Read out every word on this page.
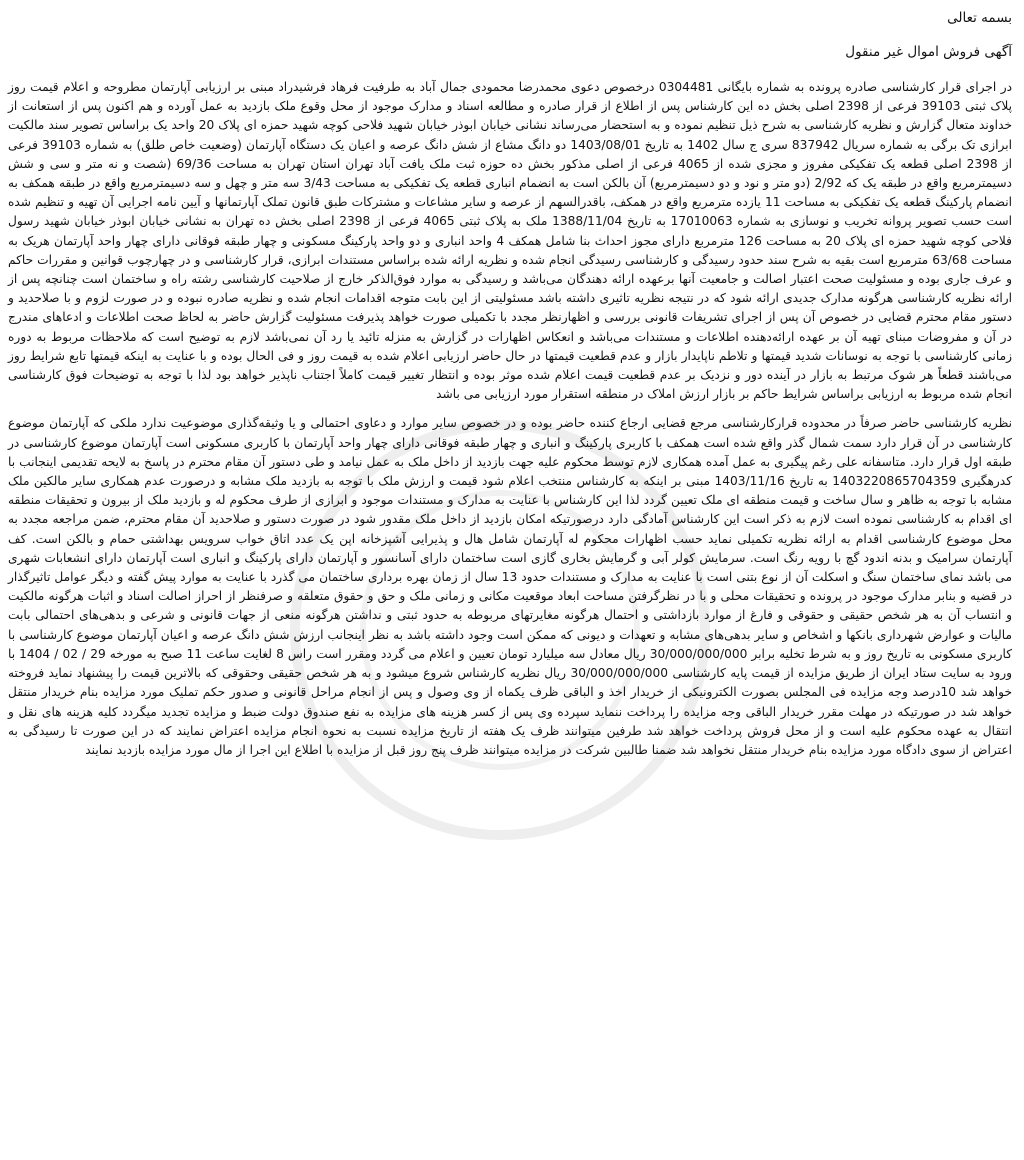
بسمه تعالی

آگهی فروش اموال غیر منقول

در اجرای قرار کارشناسی صادره پرونده به شماره بایگانی 0304481 درخصوص دعوی محمدرضا محمودی جمال آباد به طرفیت فرهاد فرشیدراد مبنی بر ارزیابی آپارتمان مطروحه و اعلام قیمت روز پلاک ثبتی 39103 فرعی از 2398 اصلی بخش ده این کارشناس پس از اطلاع از قرار صادره و مطالعه اسناد و مدارک موجود از محل وقوع ملک بازدید به عمل آورده و هم اکنون پس از استعانت از خداوند متعال گزارش و نظریه کارشناسی به شرح ذیل تنظیم نموده و به استحضار می‌رساند نشانی خیابان ابوذر خیابان شهید فلاحی کوچه شهید حمزه ای پلاک 20 واحد یک براساس تصویر سند مالکیت ابرازی تک برگی به شماره سریال 837942 سری ج سال 1402 به تاریخ 1403/08/01 دو دانگ مشاع از شش دانگ عرصه و اعیان یک دستگاه آپارتمان (وضعیت خاص طلق) به شماره 39103 فرعی از 2398 اصلی قطعه یک تفکیکی مفروز و مجزی شده از 4065 فرعی از اصلی مذکور بخش ده حوزه ثبت ملک یافت آباد تهران استان تهران به مساحت 69/36 (شصت و نه متر و سی و شش دسیمترمربع واقع در طبقه یک که 2/92 (دو متر و نود و دو دسیمترمربع) آن بالکن است به انضمام انباری قطعه یک تفکیکی به مساحت 3/43 سه متر و چهل و سه دسیمترمربع واقع در طبقه همکف به انضمام پارکینگ قطعه یک تفکیکی به مساحت 11 یازده مترمربع واقع در همکف، باقدرالسهم از عرصه و سایر مشاعات و مشترکات طبق قانون تملک آپارتمانها و آیین نامه اجرایی آن تهیه و تنظیم شده است حسب تصویر پروانه تخریب و نوسازی به شماره 17010063 به تاریخ 1388/11/04 ملک به پلاک ثبتی 4065 فرعی از 2398 اصلی بخش ده تهران به نشانی خیابان ابوذر خیابان شهید رسول فلاحی کوچه شهید حمزه ای پلاک 20 به مساحت 126 مترمربع دارای مجوز احداث بنا شامل همکف 4 واحد انباری و دو واحد پارکینگ مسکونی و چهار طبقه فوقانی دارای چهار واحد آپارتمان هریک به مساحت 63/68 مترمربع است بقیه به شرح سند حدود رسیدگی و کارشناسی رسیدگی انجام شده و نظریه ارائه شده براساس مستندات ابرازی، قرار کارشناسی و در چهارچوب قوانین و مقررات حاکم و عرف جاری بوده و مسئولیت صحت اعتبار اصالت و جامعیت آنها برعهده ارائه دهندگان می‌باشد و رسیدگی به موارد فوق‌الذکر خارج از صلاحیت کارشناسی رشته راه و ساختمان است چنانچه پس از ارائه نظریه کارشناسی هرگونه مدارک جدیدی ارائه شود که در نتیجه نظریه تاثیری داشته باشد مسئولیتی از این بابت متوجه اقدامات انجام شده و نظریه صادره نبوده و در صورت لزوم و با صلاحدید و دستور مقام محترم قضایی در خصوص آن پس از اجرای تشریفات قانونی بررسی و اظهارنظر مجدد با تکمیلی صورت خواهد پذیرفت مسئولیت گزارش حاضر به لحاظ صحت اطلاعات و ادعاهای مندرج در آن و مفروضات مبنای تهیه آن بر عهده ارائه‌دهنده اطلاعات و مستندات می‌باشد و انعکاس اظهارات در گزارش به منزله تائید یا رد آن نمی‌باشد لازم به توضیح است که ملاحظات مربوط به دوره زمانی کارشناسی با توجه به نوسانات شدید قیمتها و تلاطم ناپایدار بازار و عدم قطعیت قیمتها در حال حاضر ارزیابی اعلام شده به قیمت روز و فی الحال بوده و با عنایت به اینکه قیمتها تابع شرایط روز می‌باشند قطعاً هر شوک مرتبط به بازار در آینده دور و نزدیک بر عدم قطعیت قیمت اعلام شده موثر بوده و انتظار تغییر قیمت کاملاً اجتناب ناپذیر خواهد بود لذا با توجه به توضیحات فوق کارشناسی انجام شده مربوط به ارزیابی براساس شرایط حاکم بر بازار ارزش املاک در منطقه استقرار مورد ارزیابی می باشد

نظریه کارشناسی حاضر صرفاً در محدوده قرارکارشناسی مرجع قضایی ارجاع کننده حاضر بوده و در خصوص سایر موارد و دعاوی احتمالی و یا وثیقه‌گذاری موضوعیت ندارد ملکی که آپارتمان موضوع کارشناسی در آن قرار دارد سمت شمال گذر واقع شده است همکف با کاربری پارکینگ و انباری و چهار طبقه فوقانی دارای چهار واحد آپارتمان با کاربری مسکونی است آپارتمان موضوع کارشناسی در طبقه اول قرار دارد. متاسفانه علی رغم پیگیری به عمل آمده همکاری لازم توسط محکوم علیه جهت بازدید از داخل ملک به عمل نیامد و طی دستور آن مقام محترم در پاسخ به لایحه تقدیمی اینجانب با کدرهگیری 140322086570435​9 به تاریخ 1403/11/16 مبنی بر اینکه به کارشناس منتخب اعلام شود قیمت و ارزش ملک با توجه به بازدید ملک مشابه و درصورت عدم همکاری سایر مالکین ملک مشابه با توجه به ظاهر و سال ساخت و قیمت منطقه ای ملک تعیین گردد لذا این کارشناس با عنایت به مدارک و مستندات موجود و ابرازی از طرف محکوم له و بازدید ملک از بیرون و تحقیقات منطقه ای اقدام به کارشناسی نموده است لازم به ذکر است این کارشناس آمادگی دارد درصورتیکه امکان بازدید از داخل ملک مقدور شود در صورت دستور و صلاحدید آن مقام محترم، ضمن مراجعه مجدد به محل موضوع کارشناسی اقدام به ارائه نظریه تکمیلی نماید حسب اظهارات محکوم له آپارتمان شامل هال و پذیرایی آشپزخانه اپن یک عدد اتاق خواب سرویس بهداشتی حمام و بالکن است. کف آپارتمان سرامیک و بدنه اندود گچ با رویه رنگ است. سرمایش کولر آبی و گرمایش بخاری گازی است ساختمان دارای آسانسور و آپارتمان دارای پارکینگ و انباری است آپارتمان دارای انشعابات شهری می باشد نمای ساختمان سنگ و اسکلت آن از نوع بتنی است با عنایت به مدارک و مستندات حدود 13 سال از زمان بهره برداری ساختمان می گذرد با عنایت به موارد پیش گفته و دیگر عوامل تاثیرگذار در قضیه و بنابر مدارک موجود در پرونده و تحقیقات محلی و با در نظرگرفتن مساحت ابعاد موقعیت مکانی و زمانی ملک و حق و حقوق متعلقه و صرفنظر از احراز اصالت اسناد و اثبات هرگونه مالکیت و انتساب آن به هر شخص حقیقی و حقوقی و فارغ از موارد بازداشتی و احتمال هرگونه مغایرتهای مربوطه به حدود ثبتی و نداشتن هرگونه منعی از جهات قانونی و شرعی و بدهی‌های احتمالی بابت مالیات و عوارض شهرداری بانکها و اشخاص و سایر بدهی‌های مشابه و تعهدات و دیونی که ممکن است وجود داشته باشد به نظر اینجانب ارزش شش دانگ عرصه و اعیان آپارتمان موضوع کارشناسی با کاربری مسکونی به تاریخ روز و به شرط تخلیه برابر 30/000/000/000 ریال معادل سه میلیارد تومان تعیین و اعلام می گردد ومقرر است راس 8 لغایت ساعت 11 صبح به مورخه 29 / 02 / 1404 با ورود به سایت ستاد ایران از طریق مزایده از قیمت پایه کارشناسی 30/000/000/000 ریال نظریه کارشناس شروع میشود و به هر شخص حقیقی وحقوقی که بالاترین قیمت را پیشنهاد نماید فروخته خواهد شد 10درصد وجه مزایده فی المجلس بصورت الکترونیکی از خریدار اخذ و الباقی ظرف یکماه از وی وصول و پس از انجام مراحل قانونی و صدور حکم تملیک مورد مزایده بنام خریدار منتقل خواهد شد در صورتیکه در مهلت مقرر خریدار الباقی وجه مزایده را پرداخت ننماید سپرده وی پس از کسر هزینه های مزایده به نفع صندوق دولت ضبط و مزایده تجدید میگردد کلیه هزینه های نقل و انتقال به عهده محکوم علیه است و از محل فروش پرداخت خواهد شد طرفین میتوانند ظرف یک هفته از تاریخ مزایده نسبت به نحوه انجام مزایده اعتراض نمایند که در این صورت تا رسیدگی به اعتراض از سوی دادگاه مورد مزایده بنام خریدار منتقل نخواهد شد ضمنا طالبین شرکت در مزایده میتوانند ظرف پنج روز قبل از مزایده با اطلاع این اجرا از مال مورد مزایده بازدید نمایند
